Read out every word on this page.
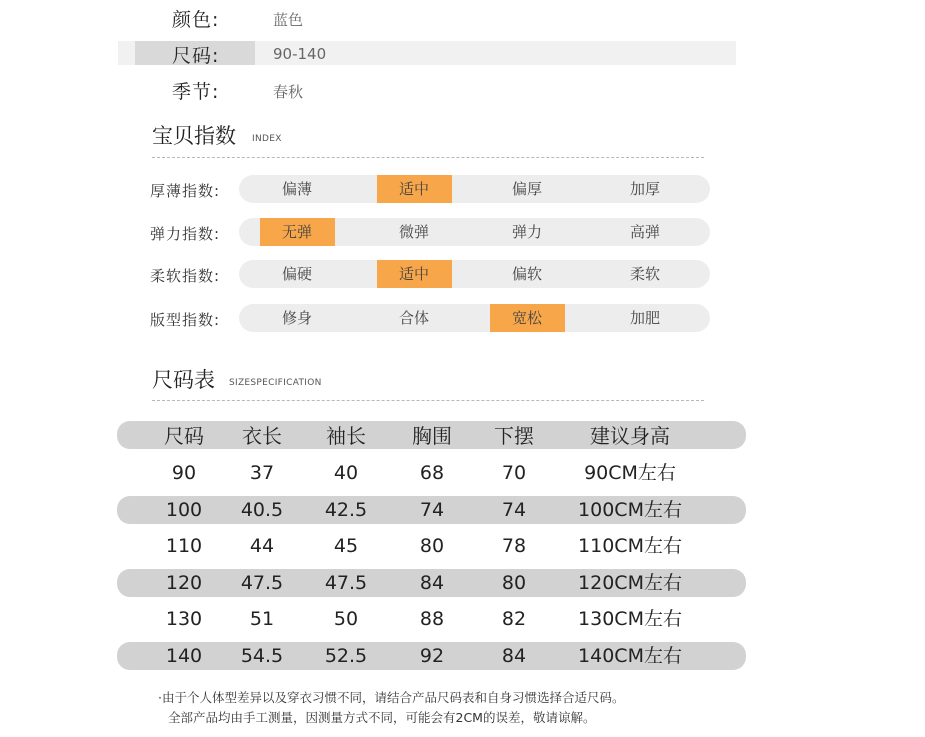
颜色:	蓝色
尺码:	90-140
季节:	春秋
宝贝指数 INDEX
厚薄指数:	偏薄	适中	偏厚	加厚
弹力指数:	无弹	微弹	弹力	高弹
柔软指数:	偏硬	适中	偏软	柔软
版型指数:	修身	合体	宽松	加肥
尺码表 SIZESPECIFICATION
尺码	衣长	袖长	胸围	下摆	建议身高
90	37	40	68	70	90CM左右
100	40.5	42.5	74	74	100CM左右
110	44	45	80	78	110CM左右
120	47.5	47.5	84	80	120CM左右
130	51	50	88	82	130CM左右
140	54.5	52.5	92	84	140CM左右
·由于个人体型差异以及穿衣习惯不同，请结合产品尺码表和自身习惯选择合适尺码。
全部产品均由手工测量，因测量方式不同，可能会有2CM的误差，敬请谅解。
